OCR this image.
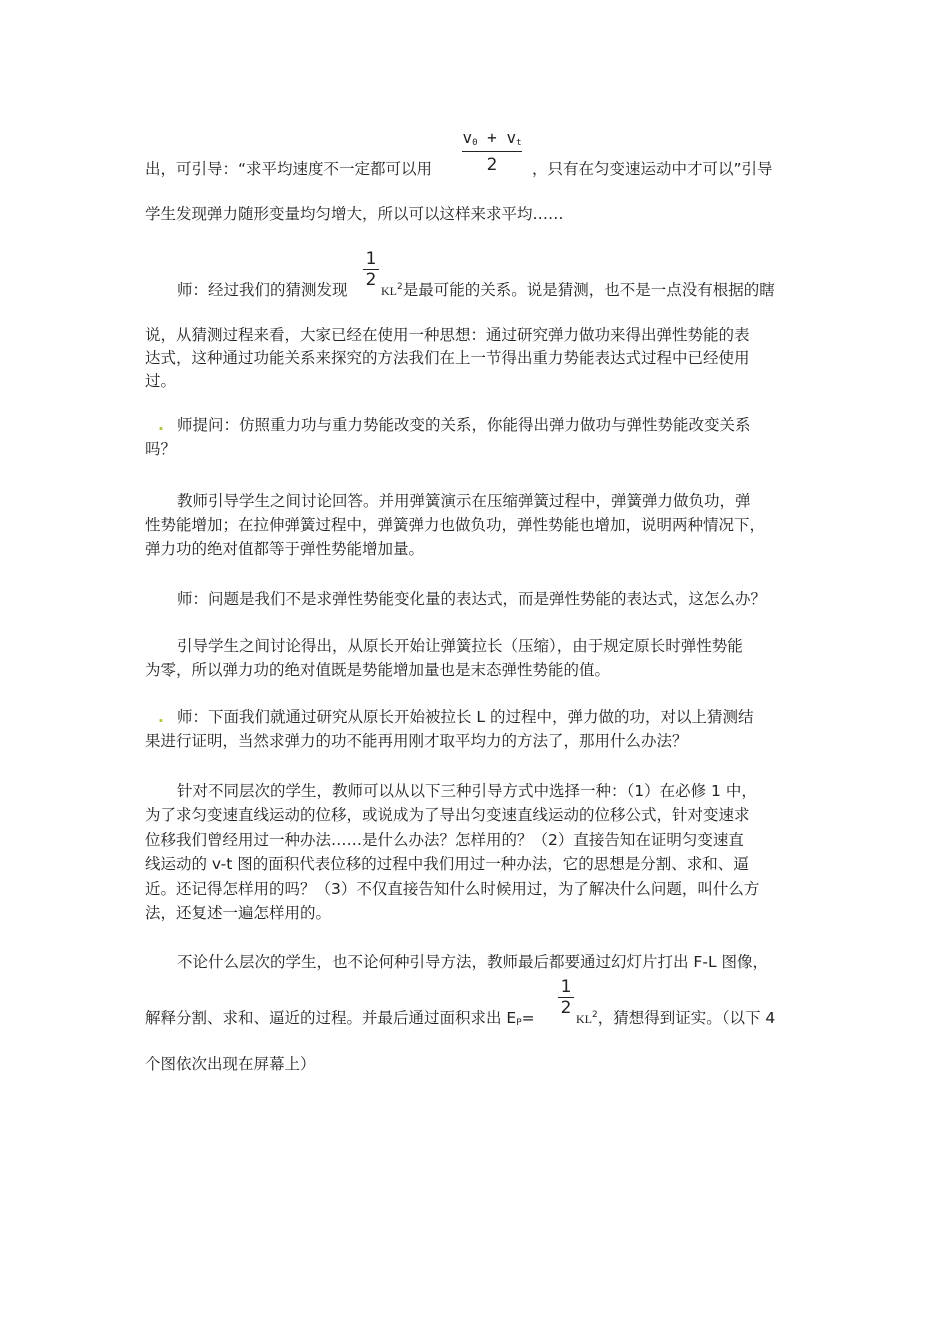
$v_0 + v_t$
2
出，可引导：“求平均速度不一定都可以用	，只有在匀变速运动中才可以”引导
学生发现弹力随形变量均匀增大，所以可以这样来求平均……
1
2
师：经过我们的猜测发现	$KL^2$是最可能的关系。说是猜测，也不是一点没有根据的瞎
说，从猜测过程来看，大家已经在使用一种思想：通过研究弹力做功来得出弹性势能的表
达式，这种通过功能关系来探究的方法我们在上一节得出重力势能表达式过程中已经使用
过。
. 师提问：仿照重力功与重力势能改变的关系，你能得出弹力做功与弹性势能改变关系
吗？
教师引导学生之间讨论回答。并用弹簧演示在压缩弹簧过程中，弹簧弹力做负功，弹
性势能增加；在拉伸弹簧过程中，弹簧弹力也做负功，弹性势能也增加，说明两种情况下，
弹力功的绝对值都等于弹性势能增加量。
师：问题是我们不是求弹性势能变化量的表达式，而是弹性势能的表达式，这怎么办？
引导学生之间讨论得出，从原长开始让弹簧拉长（压缩），由于规定原长时弹性势能
为零，所以弹力功的绝对值既是势能增加量也是末态弹性势能的值。
. 师：下面我们就通过研究从原长开始被拉长 L 的过程中，弹力做的功，对以上猜测结
果进行证明，当然求弹力的功不能再用刚才取平均力的方法了，那用什么办法？
针对不同层次的学生，教师可以从以下三种引导方式中选择一种：（1）在必修 1 中，
为了求匀变速直线运动的位移，或说成为了导出匀变速直线运动的位移公式，针对变速求
位移我们曾经用过一种办法……是什么办法？怎样用的？（2）直接告知在证明匀变速直
线运动的 v-t 图的面积代表位移的过程中我们用过一种办法，它的思想是分割、求和、逼
近。还记得怎样用的吗？（3）不仅直接告知什么时候用过，为了解决什么问题，叫什么方
法，还复述一遍怎样用的。
不论什么层次的学生，也不论何种引导方法，教师最后都要通过幻灯片打出 F-L 图像，
1
2
解释分割、求和、逼近的过程。并最后通过面积求出 $E_P=$	$KL^2$，猜想得到证实。（以下 4
个图依次出现在屏幕上）
